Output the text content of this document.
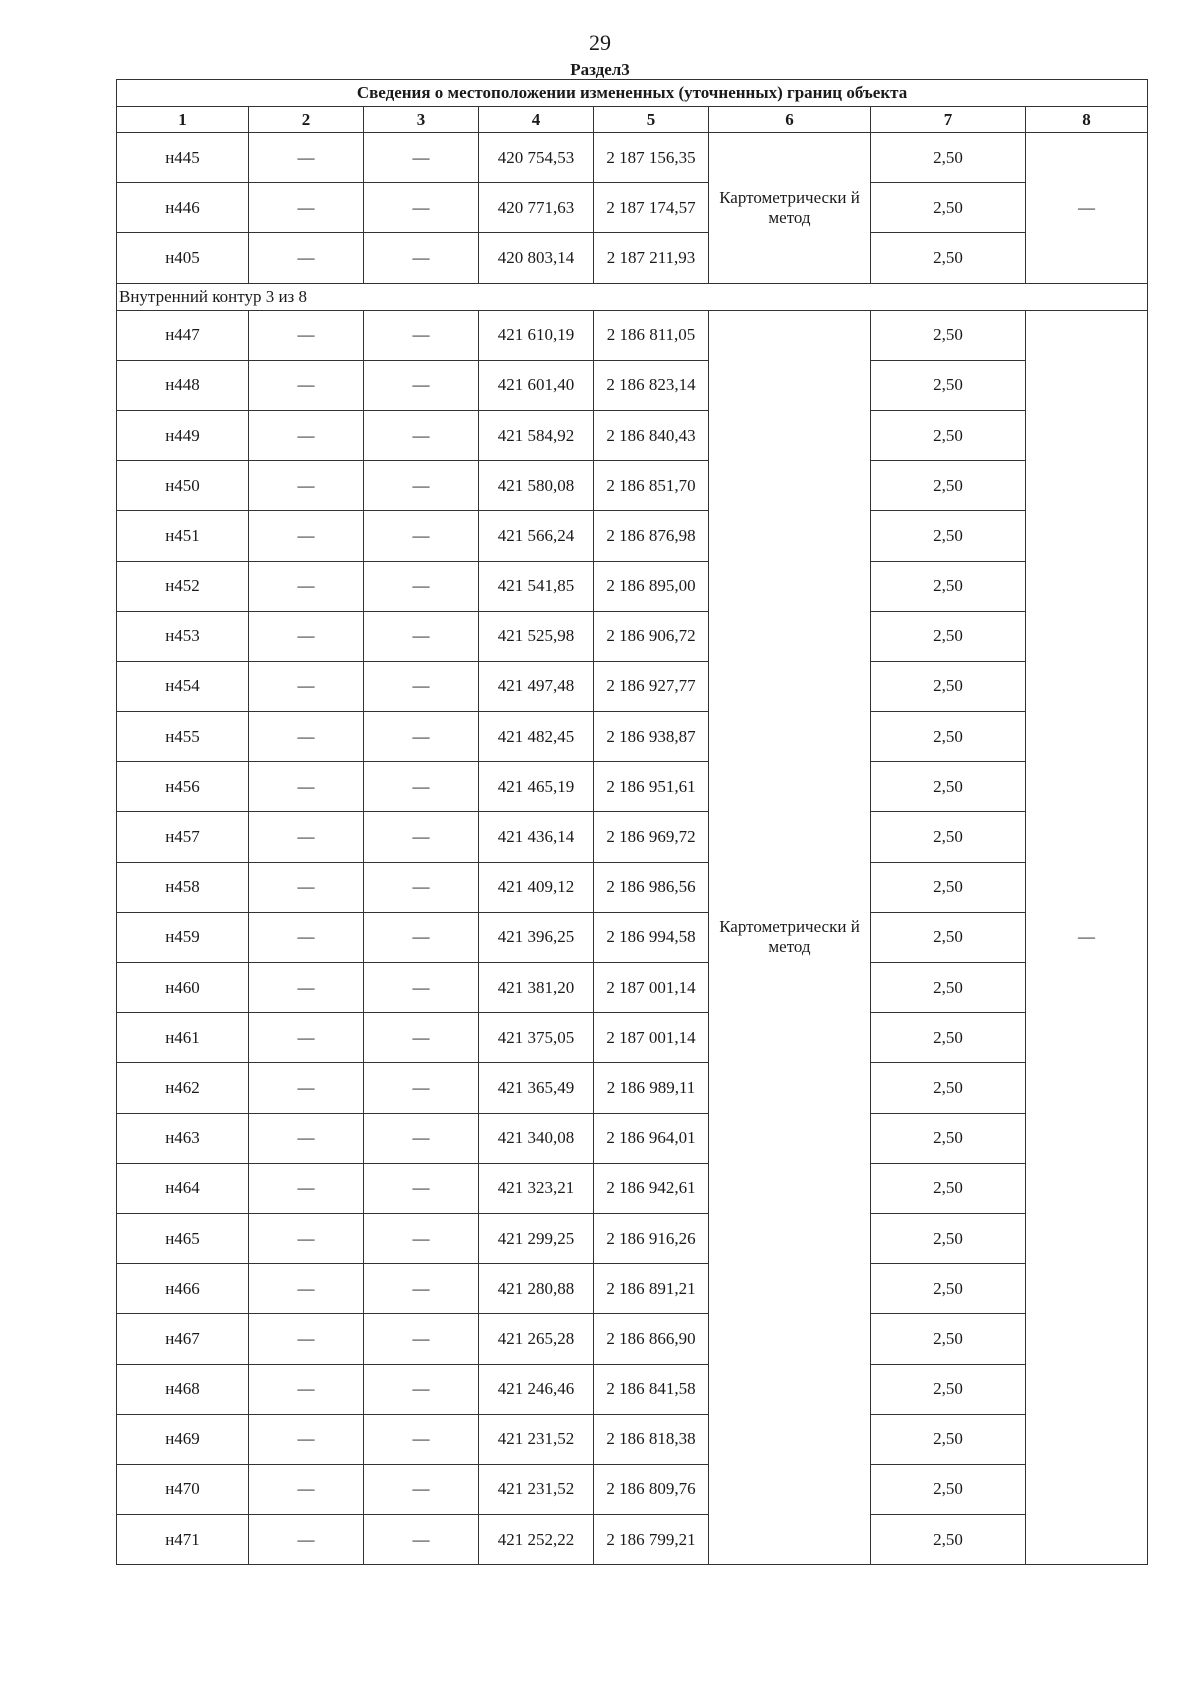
29
Раздел3
Сведения о местоположении измененных (уточненных) границ объекта							
1	2	3	4	5	6	7	8
н445	—	—	420 754,53	2 187 156,35	Картометрически й метод	2,50	—
н446	—	—	420 771,63	2 187 174,57		2,50	
н405	—	—	420 803,14	2 187 211,93		2,50	
Внутренний контур 3 из 8							
н447	—	—	421 610,19	2 186 811,05	Картометрически й метод	2,50	—
н448	—	—	421 601,40	2 186 823,14		2,50	
н449	—	—	421 584,92	2 186 840,43		2,50	
н450	—	—	421 580,08	2 186 851,70		2,50	
н451	—	—	421 566,24	2 186 876,98		2,50	
н452	—	—	421 541,85	2 186 895,00		2,50	
н453	—	—	421 525,98	2 186 906,72		2,50	
н454	—	—	421 497,48	2 186 927,77		2,50	
н455	—	—	421 482,45	2 186 938,87		2,50	
н456	—	—	421 465,19	2 186 951,61		2,50	
н457	—	—	421 436,14	2 186 969,72		2,50	
н458	—	—	421 409,12	2 186 986,56		2,50	
н459	—	—	421 396,25	2 186 994,58		2,50	
н460	—	—	421 381,20	2 187 001,14		2,50	
н461	—	—	421 375,05	2 187 001,14		2,50	
н462	—	—	421 365,49	2 186 989,11		2,50	
н463	—	—	421 340,08	2 186 964,01		2,50	
н464	—	—	421 323,21	2 186 942,61		2,50	
н465	—	—	421 299,25	2 186 916,26		2,50	
н466	—	—	421 280,88	2 186 891,21		2,50	
н467	—	—	421 265,28	2 186 866,90		2,50	
н468	—	—	421 246,46	2 186 841,58		2,50	
н469	—	—	421 231,52	2 186 818,38		2,50	
н470	—	—	421 231,52	2 186 809,76		2,50	
н471	—	—	421 252,22	2 186 799,21		2,50	
